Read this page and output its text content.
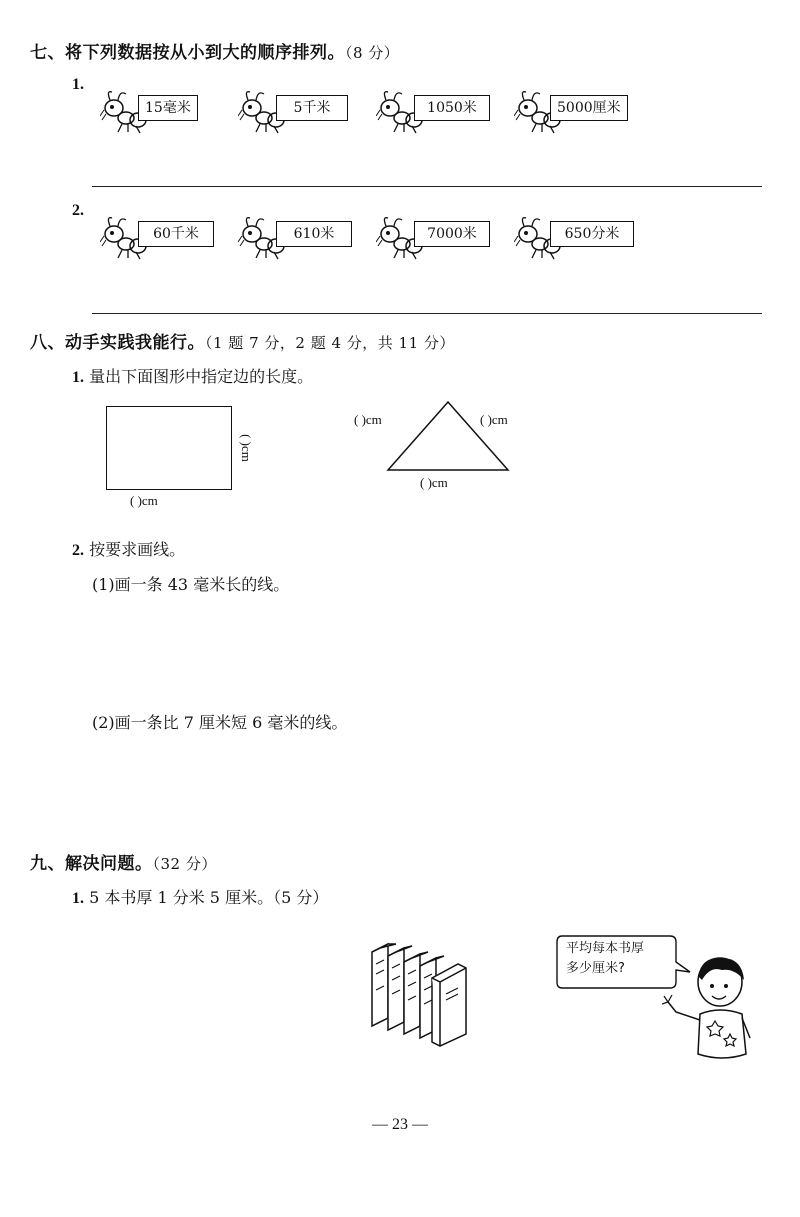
七、将下列数据按从小到大的顺序排列。（8 分）
1.
15毫米	5千米	1050米	5000厘米
2.
60千米	610米	7000米	650分米
八、动手实践我能行。（1 题 7 分，2 题 4 分，共 11 分）
1. 量出下面图形中指定边的长度。
( )cm
( )cm
( )cm	( )cm
( )cm
2. 按要求画线。
(1)画一条 43 毫米长的线。
(2)画一条比 7 厘米短 6 毫米的线。
九、解决问题。（32 分）
1. 5 本书厚 1 分米 5 厘米。（5 分）
平均每本书厚
多少厘米?
— 23 —
